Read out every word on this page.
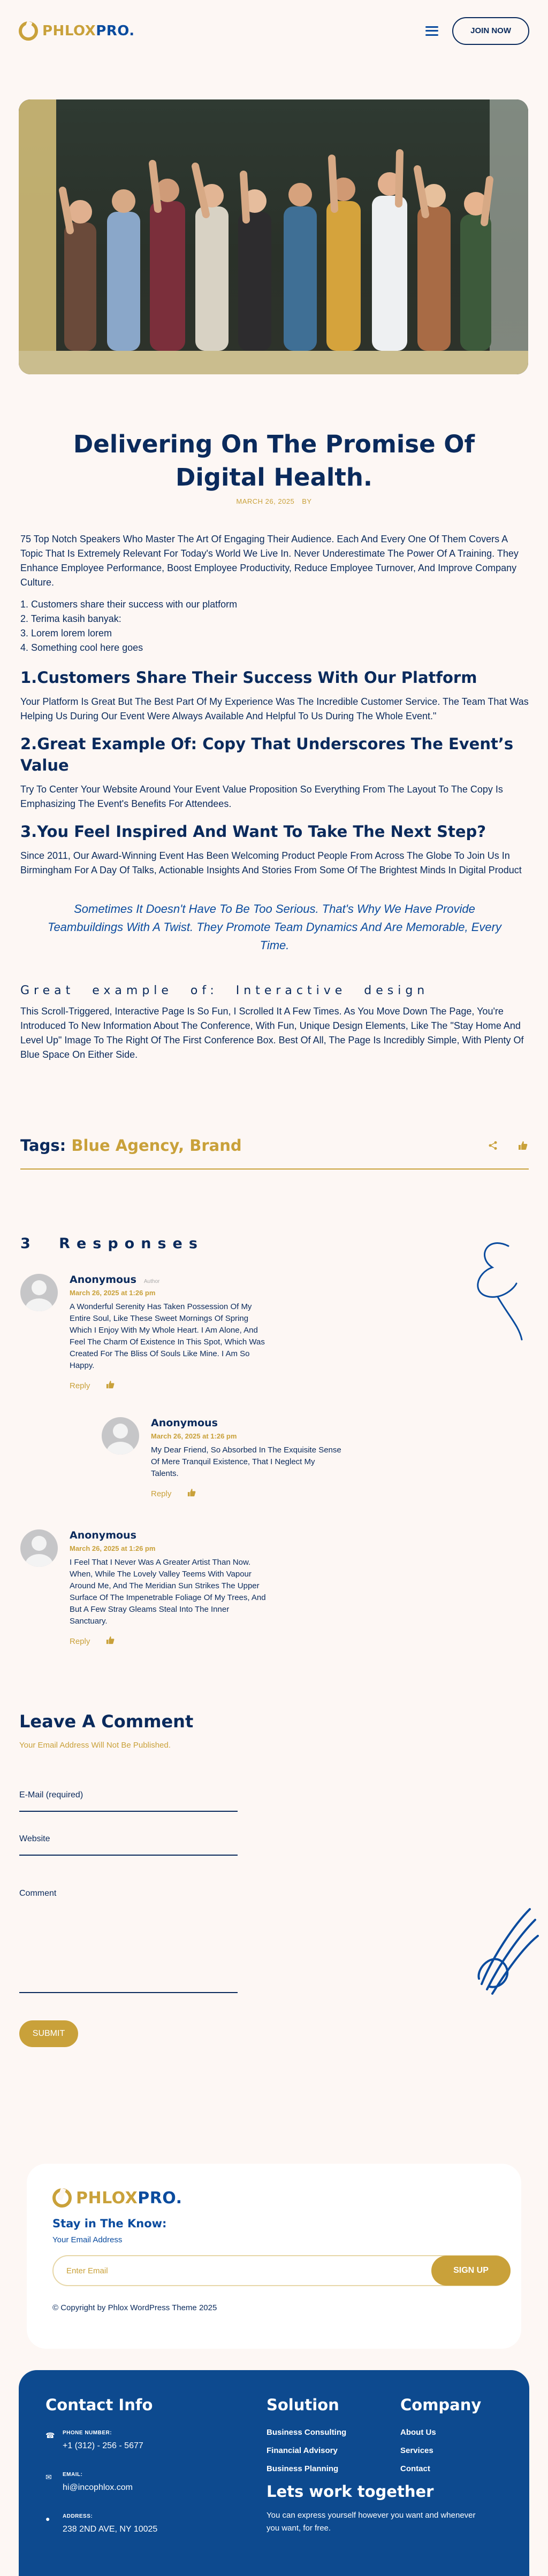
PHLOXPRO.	JOIN NOW
Delivering On The Promise Of Digital Health.
MARCH 26, 2025 BY

75 Top Notch Speakers Who Master The Art Of Engaging Their Audience. Each And Every One Of Them Covers A Topic That Is Extremely Relevant For Today's World We Live In. Never Underestimate The Power Of A Training. They Enhance Employee Performance, Boost Employee Productivity, Reduce Employee Turnover, And Improve Company Culture.

1. Customers share their success with our platform
2. Terima kasih banyak:
3. Lorem lorem lorem
4. Something cool here goes
1.Customers Share Their Success With Our Platform

Your Platform Is Great But The Best Part Of My Experience Was The Incredible Customer Service. The Team That Was Helping Us During Our Event Were Always Available And Helpful To Us During The Whole Event."

2.Great Example Of: Copy That Underscores The Event’s Value

Try To Center Your Website Around Your Event Value Proposition So Everything From The Layout To The Copy Is Emphasizing The Event's Benefits For Attendees.

3.You Feel Inspired And Want To Take The Next Step?

Since 2011, Our Award-Winning Event Has Been Welcoming Product People From Across The Globe To Join Us In Birmingham For A Day Of Talks, Actionable Insights And Stories From Some Of The Brightest Minds In Digital Product

Sometimes It Doesn't Have To Be Too Serious. That's Why We Have Provide Teambuildings With A Twist. They Promote Team Dynamics And Are Memorable, Every Time.
Great example of: Interactive design

This Scroll-Triggered, Interactive Page Is So Fun, I Scrolled It A Few Times. As You Move Down The Page, You're Introduced To New Information About The Conference, With Fun, Unique Design Elements, Like The "Stay Home And Level Up" Image To The Right Of The First Conference Box. Best Of All, The Page Is Incredibly Simple, With Plenty Of Blue Space On Either Side.

Tags: Blue Agency, Brand
3 Responses
Anonymous Author
March 26, 2025 at 1:26 pm
A Wonderful Serenity Has Taken Possession Of My Entire Soul, Like These Sweet Mornings Of Spring Which I Enjoy With My Whole Heart. I Am Alone, And Feel The Charm Of Existence In This Spot, Which Was Created For The Bliss Of Souls Like Mine. I Am So Happy.
Reply
Anonymous
March 26, 2025 at 1:26 pm
My Dear Friend, So Absorbed In The Exquisite Sense Of Mere Tranquil Existence, That I Neglect My Talents.
Reply
Anonymous
March 26, 2025 at 1:26 pm
I Feel That I Never Was A Greater Artist Than Now. When, While The Lovely Valley Teems With Vapour Around Me, And The Meridian Sun Strikes The Upper Surface Of The Impenetrable Foliage Of My Trees, And But A Few Stray Gleams Steal Into The Inner Sanctuary.
Reply
Leave A Comment
Your Email Address Will Not Be Published.
E-Mail (required)
Website
Comment
SUBMIT
PHLOXPRO.
Stay in The Know:
Your Email Address
Enter Email	SIGN UP
© Copyright by Phlox WordPress Theme 2025
Contact Info
☎ PHONE NUMBER:
+1 (312) - 256 - 5677
✉	EMAIL:
hi@incophlox.com
●	ADDRESS:
238 2ND AVE, NY 10025
Solution
Business Consulting
Financial Advisory
Business Planning
Company
About Us
Services
Contact
Lets work together

You can express yourself however you want and whenever you want, for free.
